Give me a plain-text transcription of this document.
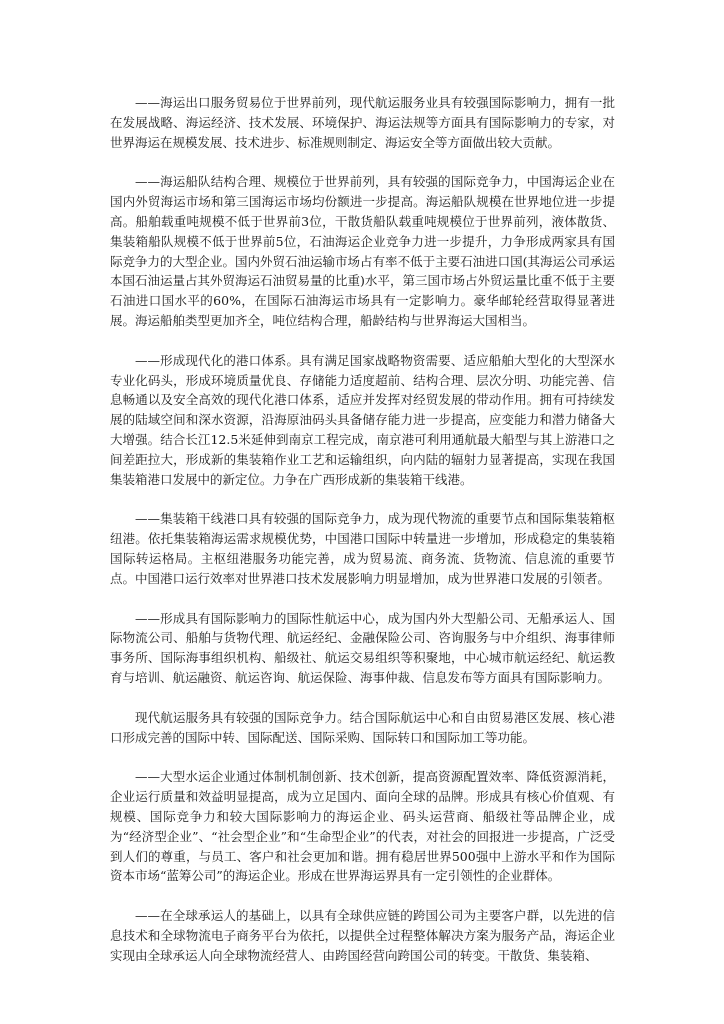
——海运出口服务贸易位于世界前列，现代航运服务业具有较强国际影响力，拥有一批在发展战略、海运经济、技术发展、环境保护、海运法规等方面具有国际影响力的专家，对世界海运在规模发展、技术进步、标准规则制定、海运安全等方面做出较大贡献。

——海运船队结构合理、规模位于世界前列，具有较强的国际竞争力，中国海运企业在国内外贸海运市场和第三国海运市场均份额进一步提高。海运船队规模在世界地位进一步提高。船舶载重吨规模不低于世界前3位，干散货船队载重吨规模位于世界前列，液体散货、集装箱船队规模不低于世界前5位，石油海运企业竞争力进一步提升，力争形成两家具有国际竞争力的大型企业。国内外贸石油运输市场占有率不低于主要石油进口国(其海运公司承运本国石油运量占其外贸海运石油贸易量的比重)水平，第三国市场占外贸运量比重不低于主要石油进口国水平的60%，在国际石油海运市场具有一定影响力。豪华邮轮经营取得显著进展。海运船舶类型更加齐全，吨位结构合理，船龄结构与世界海运大国相当。

——形成现代化的港口体系。具有满足国家战略物资需要、适应船舶大型化的大型深水专业化码头，形成环境质量优良、存储能力适度超前、结构合理、层次分明、功能完善、信息畅通以及安全高效的现代化港口体系，适应并发挥对经贸发展的带动作用。拥有可持续发展的陆域空间和深水资源，沿海原油码头具备储存能力进一步提高，应变能力和潜力储备大大增强。结合长江12.5米延伸到南京工程完成，南京港可利用通航最大船型与其上游港口之间差距拉大，形成新的集装箱作业工艺和运输组织，向内陆的辐射力显著提高，实现在我国集装箱港口发展中的新定位。力争在广西形成新的集装箱干线港。

——集装箱干线港口具有较强的国际竞争力，成为现代物流的重要节点和国际集装箱枢纽港。依托集装箱海运需求规模优势，中国港口国际中转量进一步增加，形成稳定的集装箱国际转运格局。主枢纽港服务功能完善，成为贸易流、商务流、货物流、信息流的重要节点。中国港口运行效率对世界港口技术发展影响力明显增加，成为世界港口发展的引领者。

——形成具有国际影响力的国际性航运中心，成为国内外大型船公司、无船承运人、国际物流公司、船舶与货物代理、航运经纪、金融保险公司、咨询服务与中介组织、海事律师事务所、国际海事组织机构、船级社、航运交易组织等积聚地，中心城市航运经纪、航运教育与培训、航运融资、航运咨询、航运保险、海事仲裁、信息发布等方面具有国际影响力。

现代航运服务具有较强的国际竞争力。结合国际航运中心和自由贸易港区发展、核心港口形成完善的国际中转、国际配送、国际采购、国际转口和国际加工等功能。

——大型水运企业通过体制机制创新、技术创新，提高资源配置效率、降低资源消耗，企业运行质量和效益明显提高，成为立足国内、面向全球的品牌。形成具有核心价值观、有规模、国际竞争力和较大国际影响力的海运企业、码头运营商、船级社等品牌企业，成为“经济型企业”、“社会型企业”和“生命型企业”的代表，对社会的回报进一步提高，广泛受到人们的尊重，与员工、客户和社会更加和谐。拥有稳居世界500强中上游水平和作为国际资本市场“蓝筹公司”的海运企业。形成在世界海运界具有一定引领性的企业群体。

——在全球承运人的基础上，以具有全球供应链的跨国公司为主要客户群，以先进的信息技术和全球物流电子商务平台为依托，以提供全过程整体解决方案为服务产品，海运企业实现由全球承运人向全球物流经营人、由跨国经营向跨国公司的转变。干散货、集装箱、
